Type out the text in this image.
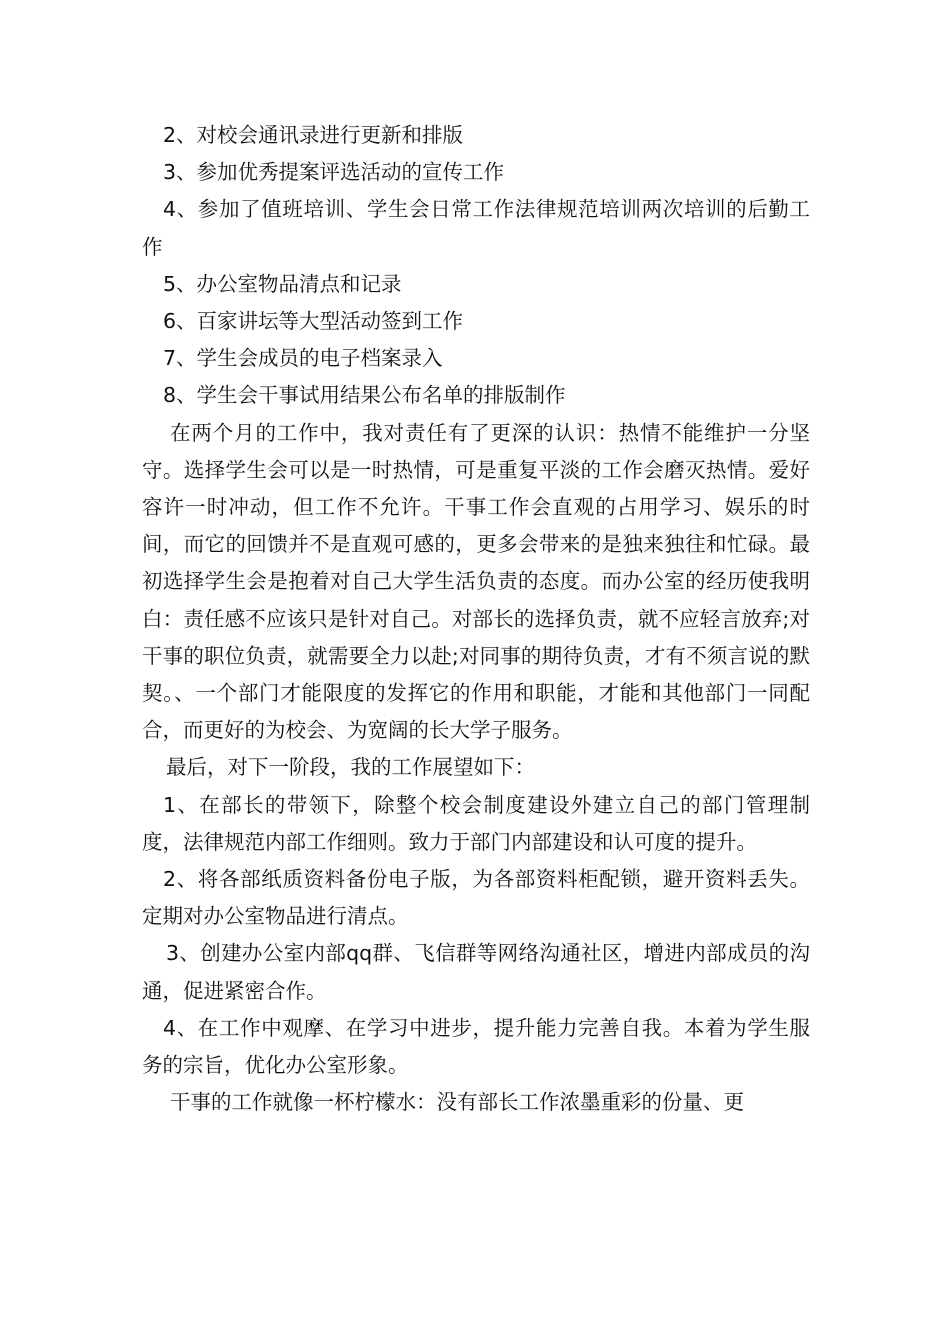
2、对校会通讯录进行更新和排版

3、参加优秀提案评选活动的宣传工作

4、参加了值班培训、学生会日常工作法律规范培训两次培训的后勤工作

5、办公室物品清点和记录

6、百家讲坛等大型活动签到工作

7、学生会成员的电子档案录入

8、学生会干事试用结果公布名单的排版制作

在两个月的工作中，我对责任有了更深的认识：热情不能维护一分坚守。选择学生会可以是一时热情，可是重复平淡的工作会磨灭热情。爱好容许一时冲动，但工作不允许。干事工作会直观的占用学习、娱乐的时间，而它的回馈并不是直观可感的，更多会带来的是独来独往和忙碌。最初选择学生会是抱着对自己大学生活负责的态度。而办公室的经历使我明白：责任感不应该只是针对自己。对部长的选择负责，就不应轻言放弃;对干事的职位负责，就需要全力以赴;对同事的期待负责，才有不须言说的默契。、一个部门才能限度的发挥它的作用和职能，才能和其他部门一同配合，而更好的为校会、为宽阔的长大学子服务。

最后，对下一阶段，我的工作展望如下：

1、在部长的带领下，除整个校会制度建设外建立自己的部门管理制度，法律规范内部工作细则。致力于部门内部建设和认可度的提升。

2、将各部纸质资料备份电子版，为各部资料柜配锁，避开资料丢失。定期对办公室物品进行清点。

3、创建办公室内部qq群、飞信群等网络沟通社区，增进内部成员的沟通，促进紧密合作。

4、在工作中观摩、在学习中进步，提升能力完善自我。本着为学生服务的宗旨，优化办公室形象。

干事的工作就像一杯柠檬水：没有部长工作浓墨重彩的份量、更
